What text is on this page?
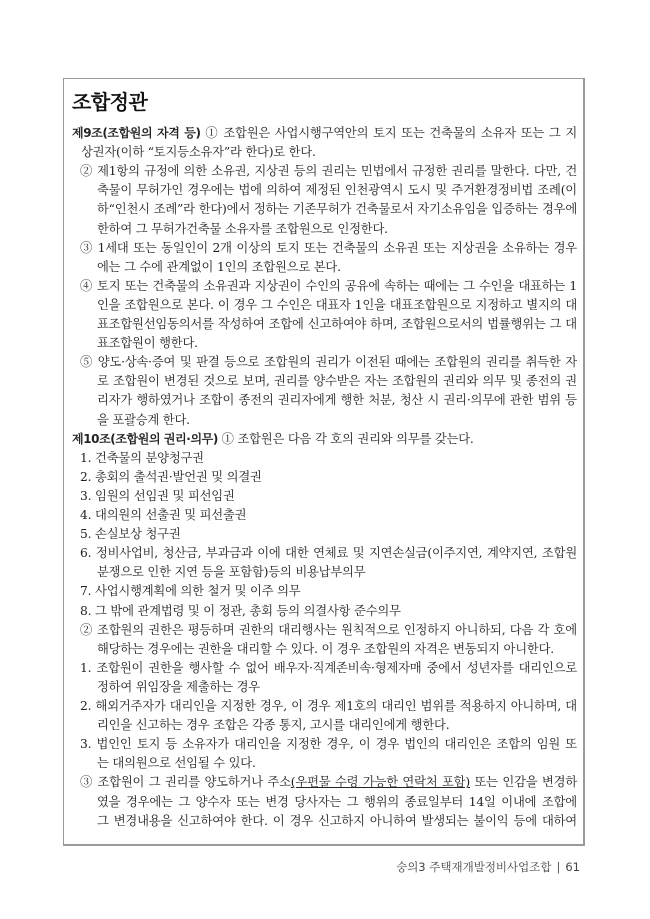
조합정관
제9조(조합원의 자격 등) ① 조합원은 사업시행구역안의 토지 또는 건축물의 소유자 또는 그 지
상권자(이하 “토지등소유자”라 한다)로 한다.
② 제1항의 규정에 의한 소유권, 지상권 등의 권리는 민법에서 규정한 권리를 말한다. 다만, 건
축물이 무허가인 경우에는 법에 의하여 제정된 인천광역시 도시 및 주거환경정비법 조례(이
하“인천시 조례”라 한다)에서 정하는 기존무허가 건축물로서 자기소유임을 입증하는 경우에
한하여 그 무허가건축물 소유자를 조합원으로 인정한다.
③ 1세대 또는 동일인이 2개 이상의 토지 또는 건축물의 소유권 또는 지상권을 소유하는 경우
에는 그 수에 관계없이 1인의 조합원으로 본다.
④ 토지 또는 건축물의 소유권과 지상권이 수인의 공유에 속하는 때에는 그 수인을 대표하는 1
인을 조합원으로 본다. 이 경우 그 수인은 대표자 1인을 대표조합원으로 지정하고 별지의 대
표조합원선임동의서를 작성하여 조합에 신고하여야 하며, 조합원으로서의 법률행위는 그 대
표조합원이 행한다.
⑤ 양도·상속·증여 및 판결 등으로 조합원의 권리가 이전된 때에는 조합원의 권리를 취득한 자
로 조합원이 변경된 것으로 보며, 권리를 양수받은 자는 조합원의 권리와 의무 및 종전의 권
리자가 행하였거나 조합이 종전의 권리자에게 행한 처분, 청산 시 권리·의무에 관한 범위 등
을 포괄승계 한다.
제10조(조합원의 권리·의무) ① 조합원은 다음 각 호의 권리와 의무를 갖는다.
1. 건축물의 분양청구권
2. 총회의 출석권·발언권 및 의결권
3. 임원의 선임권 및 피선임권
4. 대의원의 선출권 및 피선출권
5. 손실보상 청구권
6. 정비사업비, 청산금, 부과금과 이에 대한 연체료 및 지연손실금(이주지연, 계약지연, 조합원
분쟁으로 인한 지연 등을 포함함)등의 비용납부의무
7. 사업시행계획에 의한 철거 및 이주 의무
8. 그 밖에 관계법령 및 이 정관, 총회 등의 의결사항 준수의무
② 조합원의 권한은 평등하며 권한의 대리행사는 원칙적으로 인정하지 아니하되, 다음 각 호에
해당하는 경우에는 권한을 대리할 수 있다. 이 경우 조합원의 자격은 변동되지 아니한다.
1. 조합원이 권한을 행사할 수 없어 배우자·직계존비속·형제자매 중에서 성년자를 대리인으로
정하여 위임장을 제출하는 경우
2. 해외거주자가 대리인을 지정한 경우, 이 경우 제1호의 대리인 범위를 적용하지 아니하며, 대
리인을 신고하는 경우 조합은 각종 통지, 고시를 대리인에게 행한다.
3. 법인인 토지 등 소유자가 대리인을 지정한 경우, 이 경우 법인의 대리인은 조합의 임원 또
는 대의원으로 선임될 수 있다.
③ 조합원이 그 권리를 양도하거나 주소(우편물 수령 가능한 연락처 포함) 또는 인감을 변경하
였을 경우에는 그 양수자 또는 변경 당사자는 그 행위의 종료일부터 14일 이내에 조합에
그 변경내용을 신고하여야 한다. 이 경우 신고하지 아니하여 발생되는 불이익 등에 대하여
숭의3 주택재개발정비사업조합 | 61
